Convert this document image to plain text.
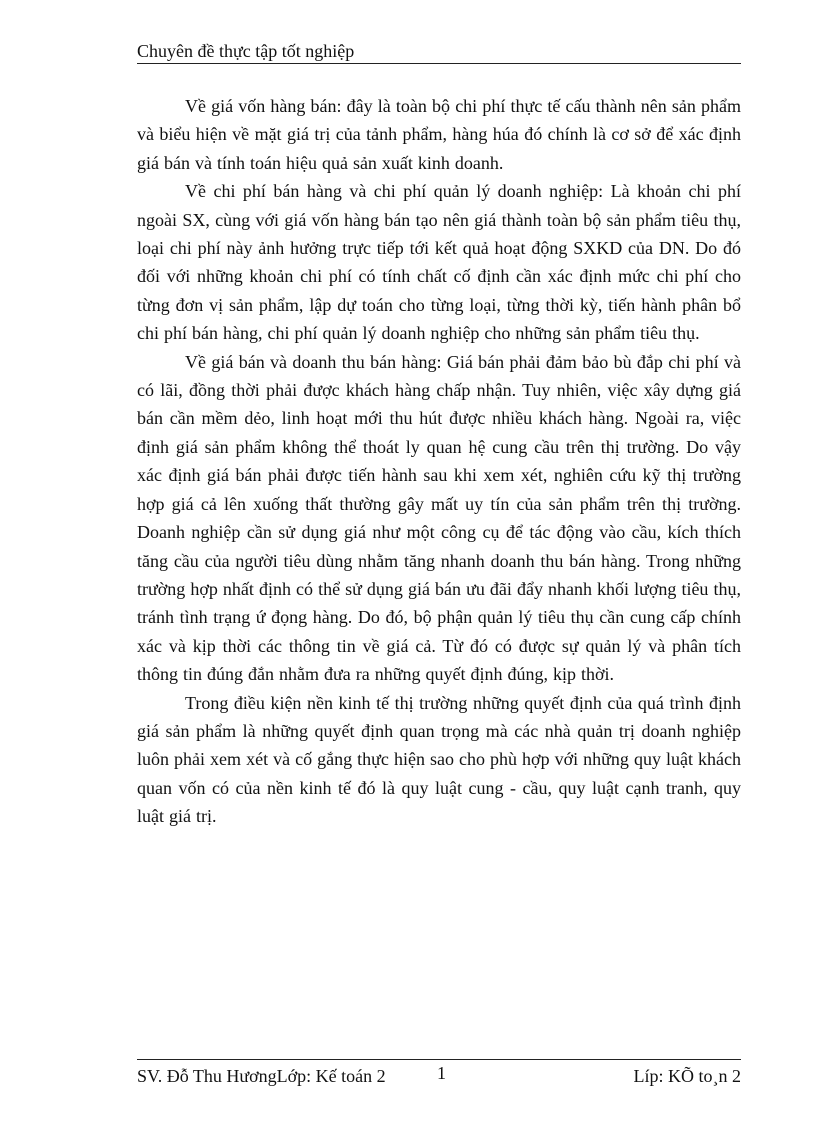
Chuyên đề thực tập tốt nghiệp

Về giá vốn hàng bán: đây là toàn bộ chi phí thực tế cấu thành nên sản phẩm và biểu hiện về mặt giá trị của tảnh phẩm, hàng húa đó chính là cơ sở để xác định giá bán và tính toán hiệu quả sản xuất kinh doanh.

Về chi phí bán hàng và chi phí quản lý doanh nghiệp: Là khoản chi phí ngoài SX, cùng với giá vốn hàng bán tạo nên giá thành toàn bộ sản phẩm tiêu thụ, loại chi phí này ảnh hưởng trực tiếp tới kết quả hoạt động SXKD của DN. Do đó đối với những khoản chi phí có tính chất cố định cần xác định mức chi phí cho từng đơn vị sản phẩm, lập dự toán cho từng loại, từng thời kỳ, tiến hành phân bổ chi phí bán hàng, chi phí quản lý doanh nghiệp cho những sản phẩm tiêu thụ.

Về giá bán và doanh thu bán hàng: Giá bán phải đảm bảo bù đắp chi phí và có lãi, đồng thời phải được khách hàng chấp nhận. Tuy nhiên, việc xây dựng giá bán cần mềm dẻo, linh hoạt mới thu hút được nhiều khách hàng. Ngoài ra, việc định giá sản phẩm không thể thoát ly quan hệ cung cầu trên thị trường. Do vậy xác định giá bán phải được tiến hành sau khi xem xét, nghiên cứu kỹ thị trường hợp giá cả lên xuống thất thường gây mất uy tín của sản phẩm trên thị trường. Doanh nghiệp cần sử dụng giá như một công cụ để tác động vào cầu, kích thích tăng cầu của người tiêu dùng nhằm tăng nhanh doanh thu bán hàng. Trong những trường hợp nhất định có thể sử dụng giá bán ưu đãi đẩy nhanh khối lượng tiêu thụ, tránh tình trạng ứ đọng hàng. Do đó, bộ phận quản lý tiêu thụ cần cung cấp chính xác và kịp thời các thông tin về giá cả. Từ đó có được sự quản lý và phân tích thông tin đúng đắn nhằm đưa ra những quyết định đúng, kịp thời.

Trong điều kiện nền kinh tế thị trường những quyết định của quá trình định giá sản phẩm là những quyết định quan trọng mà các nhà quản trị doanh nghiệp luôn phải xem xét và cố gắng thực hiện sao cho phù hợp với những quy luật khách quan vốn có của nền kinh tế đó là quy luật cung - cầu, quy luật cạnh tranh, quy luật giá trị.

SV. Đỗ Thu HươngLớp: Kế toán 2	1	Líp: KÕ to¸n 2
